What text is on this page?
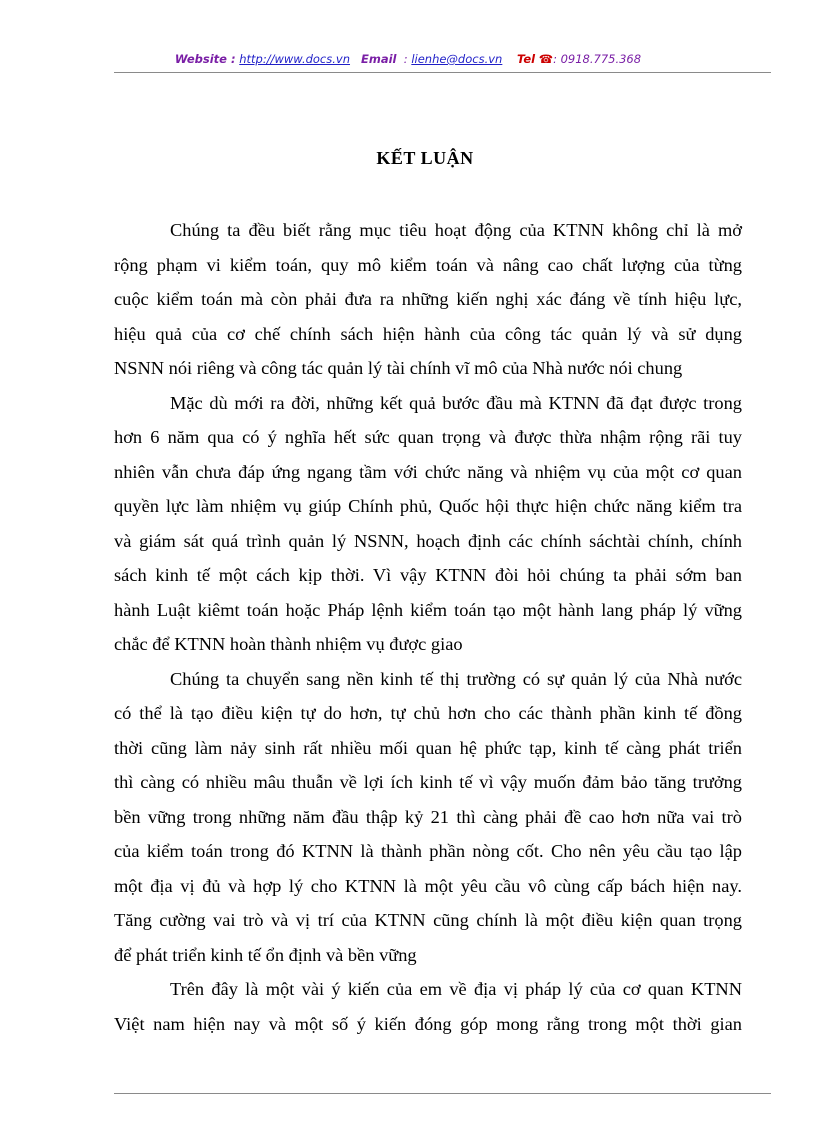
Website : http://www.docs.vn Email : lienhe@docs.vn Tel ☎: 0918.775.368
KẾT LUẬN
Chúng ta đều biết rằng mục tiêu hoạt động của KTNN không chỉ là mở
rộng phạm vi kiểm toán, quy mô kiểm toán và nâng cao chất lượng của từng
cuộc kiểm toán mà còn phải đưa ra những kiến nghị xác đáng về tính hiệu lực,
hiệu quả của cơ chế chính sách hiện hành của công tác quản lý và sử dụng
NSNN nói riêng và công tác quản lý tài chính vĩ mô của Nhà nước nói chung
Mặc dù mới ra đời, những kết quả bước đầu mà KTNN đã đạt được trong
hơn 6 năm qua có ý nghĩa hết sức quan trọng và được thừa nhậm rộng rãi tuy
nhiên vẫn chưa đáp ứng ngang tầm với chức năng và nhiệm vụ của một cơ quan
quyền lực làm nhiệm vụ giúp Chính phủ, Quốc hội thực hiện chức năng kiểm tra
và giám sát quá trình quản lý NSNN, hoạch định các chính sáchtài chính, chính
sách kinh tế một cách kịp thời. Vì vậy KTNN đòi hỏi chúng ta phải sớm ban
hành Luật kiêmt toán hoặc Pháp lệnh kiểm toán tạo một hành lang pháp lý vững
chắc để KTNN hoàn thành nhiệm vụ được giao
Chúng ta chuyển sang nền kinh tế thị trường có sự quản lý của Nhà nước
có thể là tạo điều kiện tự do hơn, tự chủ hơn cho các thành phần kinh tế đồng
thời cũng làm nảy sinh rất nhiều mối quan hệ phức tạp, kinh tế càng phát triển
thì càng có nhiều mâu thuẫn về lợi ích kinh tế vì vậy muốn đảm bảo tăng trưởng
bền vững trong những năm đầu thập kỷ 21 thì càng phải đề cao hơn nữa vai trò
của kiểm toán trong đó KTNN là thành phần nòng cốt. Cho nên yêu cầu tạo lập
một địa vị đủ và hợp lý cho KTNN là một yêu cầu vô cùng cấp bách hiện nay.
Tăng cường vai trò và vị trí của KTNN cũng chính là một điều kiện quan trọng
để phát triển kinh tế ổn định và bền vững
Trên đây là một vài ý kiến của em về địa vị pháp lý của cơ quan KTNN
Việt nam hiện nay và một số ý kiến đóng góp mong rằng trong một thời gian
